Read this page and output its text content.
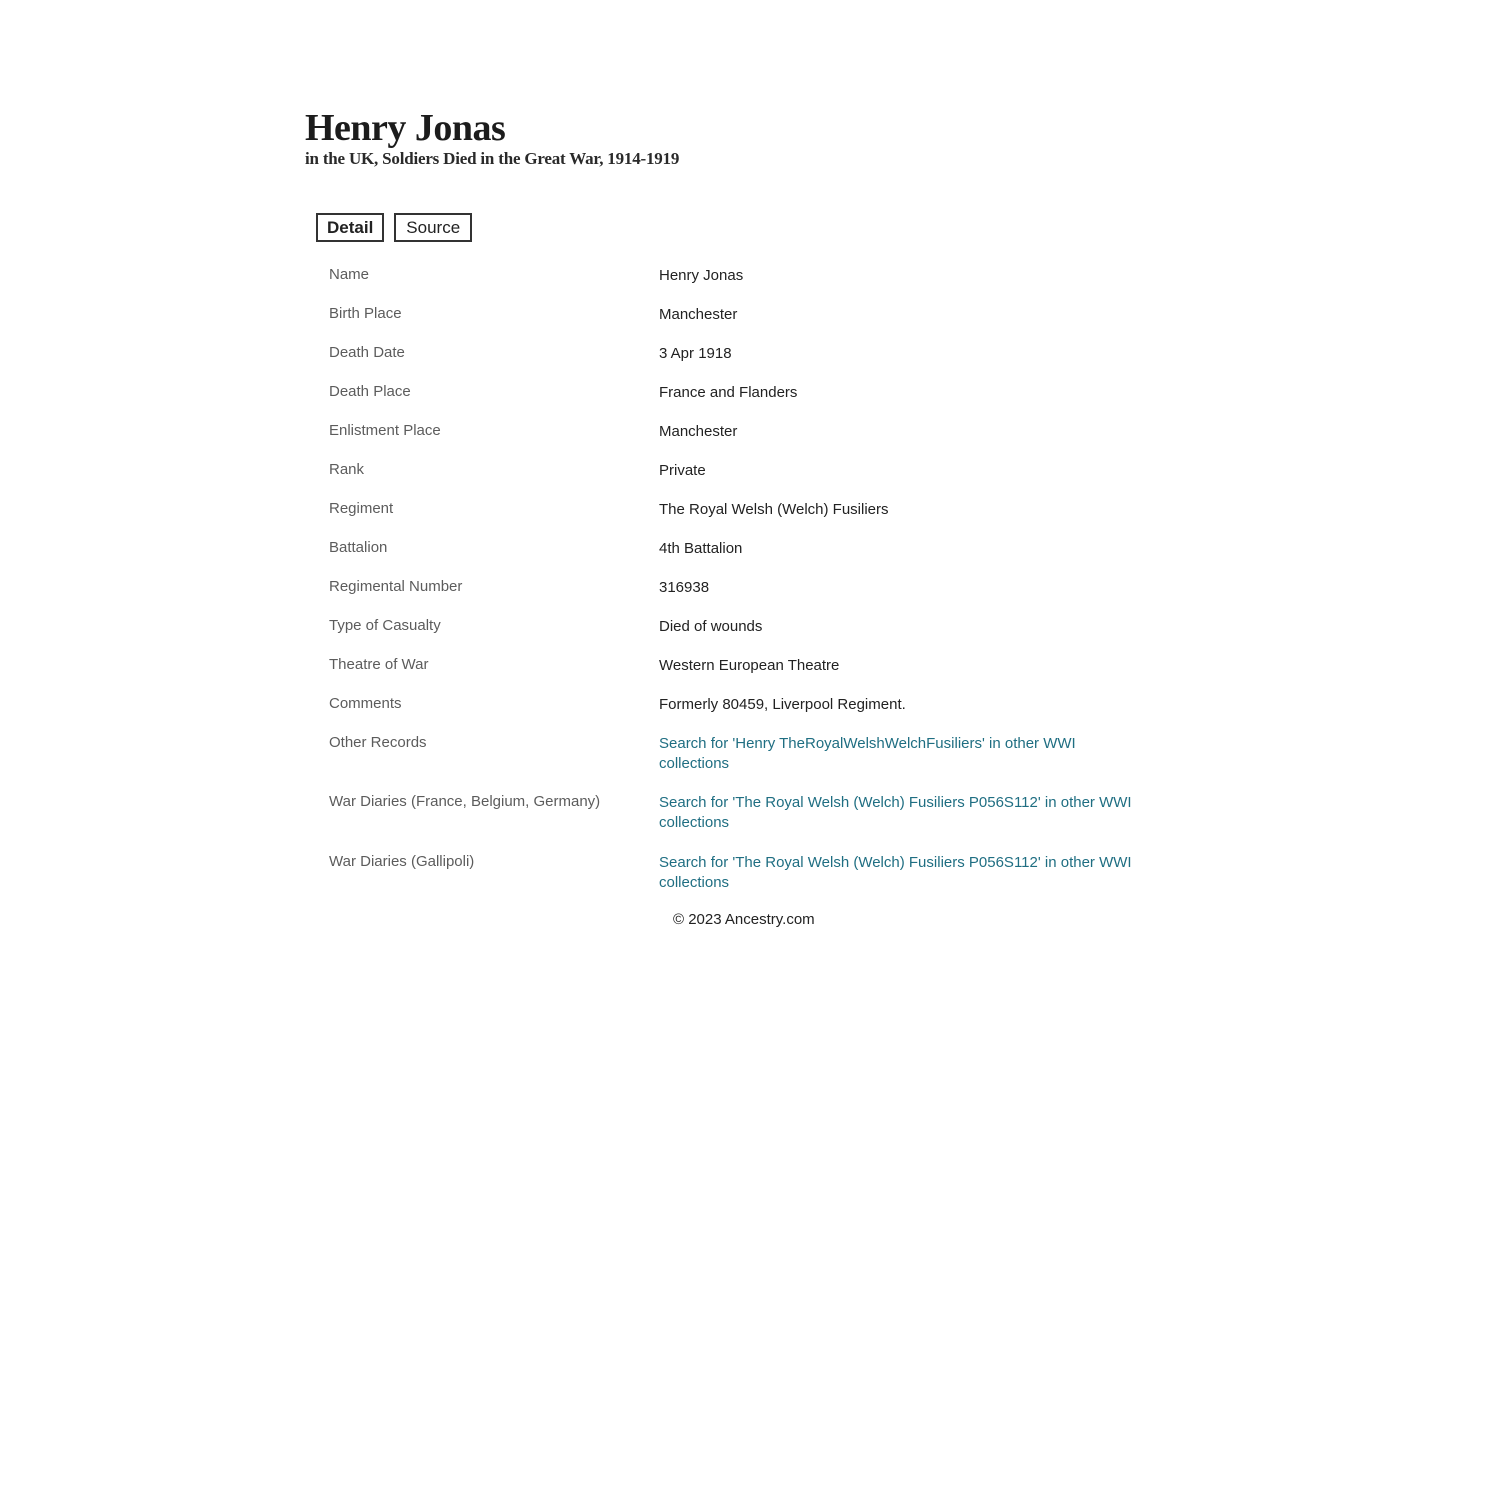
Henry Jonas
in the UK, Soldiers Died in the Great War, 1914-1919
Detail	Source
Name	Henry Jonas
Birth Place	Manchester
Death Date	3 Apr 1918
Death Place	France and Flanders
Enlistment Place	Manchester
Rank	Private
Regiment	The Royal Welsh (Welch) Fusiliers
Battalion	4th Battalion
Regimental Number	316938
Type of Casualty	Died of wounds
Theatre of War	Western European Theatre
Comments	Formerly 80459, Liverpool Regiment.
Other Records	Search for 'Henry TheRoyalWelshWelchFusiliers' in other WWI collections
War Diaries (France, Belgium, Germany)	Search for 'The Royal Welsh (Welch) Fusiliers P056S112' in other WWI collections
War Diaries (Gallipoli)	Search for 'The Royal Welsh (Welch) Fusiliers P056S112' in other WWI collections
© 2023 Ancestry.com
